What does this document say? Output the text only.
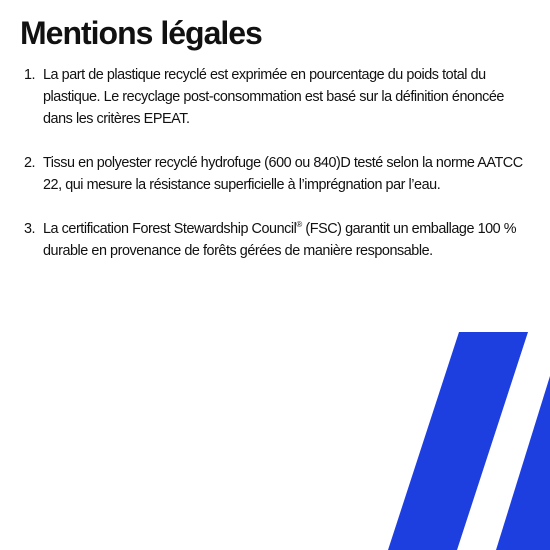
Mentions légales
1. La part de plastique recyclé est exprimée en pourcentage du poids total du plastique. Le recyclage post-consommation est basé sur la définition énoncée dans les critères EPEAT.
2. Tissu en polyester recyclé hydrofuge (600 ou 840)D testé selon la norme AATCC 22, qui mesure la résistance superficielle à l’imprégnation par l’eau.
3. La certification Forest Stewardship Council® (FSC) garantit un emballage 100 % durable en provenance de forêts gérées de manière responsable.
